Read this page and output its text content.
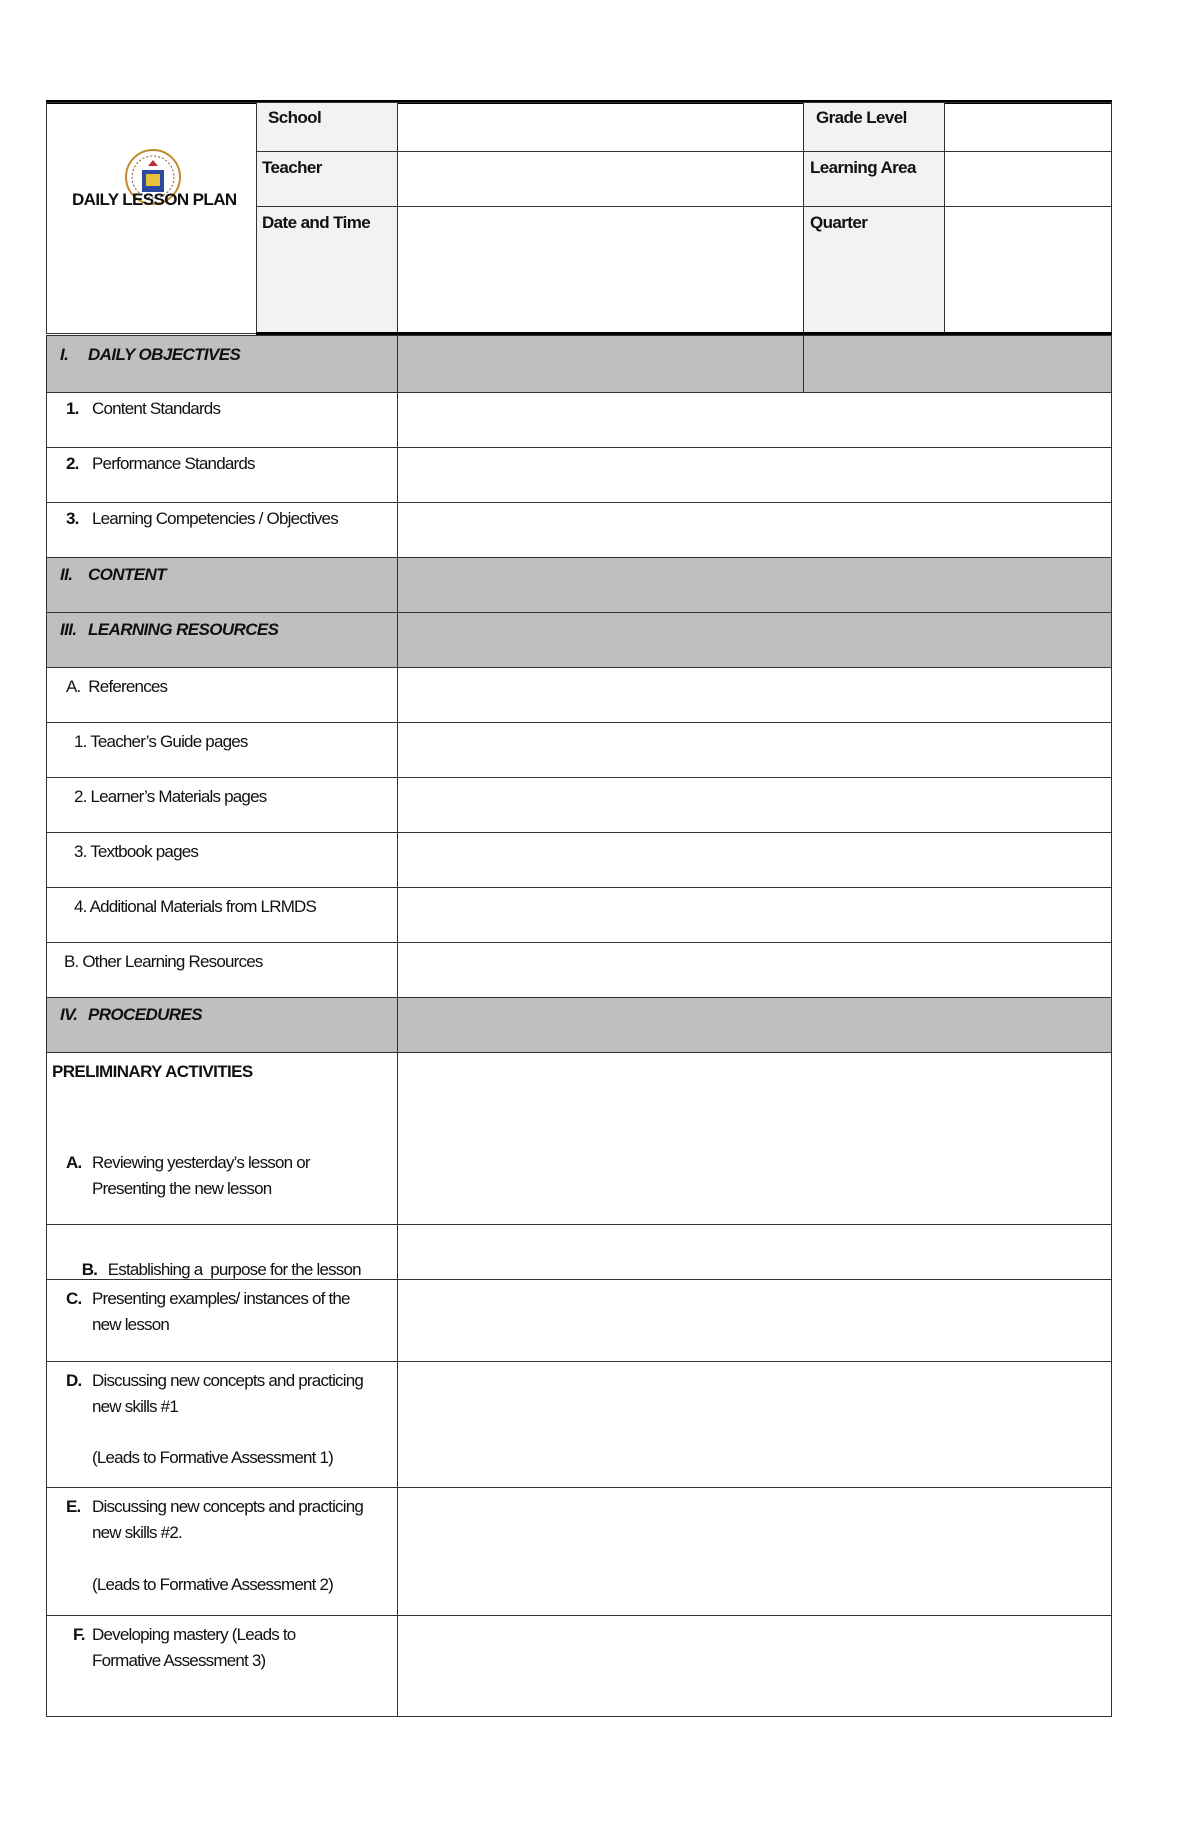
DAILY LESSON PLAN
School	Grade Level
Teacher	Learning Area
Date and Time	Quarter
I. DAILY OBJECTIVES
1. Content Standards
2. Performance Standards
3. Learning Competencies / Objectives
II. CONTENT
III. LEARNING RESOURCES
A.  References
1. Teacher’s Guide pages
2. Learner’s Materials pages
3. Textbook pages
4. Additional Materials from LRMDS
B. Other Learning Resources
IV. PROCEDURES
PRELIMINARY ACTIVITIES
A. Reviewing yesterday’s lesson or
Presenting the new lesson

B. Establishing a  purpose for the lesson

C. Presenting examples/ instances of the
new lesson
D. Discussing new concepts and practicing
new skills #1
(Leads to Formative Assessment 1)
E. Discussing new concepts and practicing
new skills #2.
(Leads to Formative Assessment 2)
F. Developing mastery (Leads to
Formative Assessment 3)
